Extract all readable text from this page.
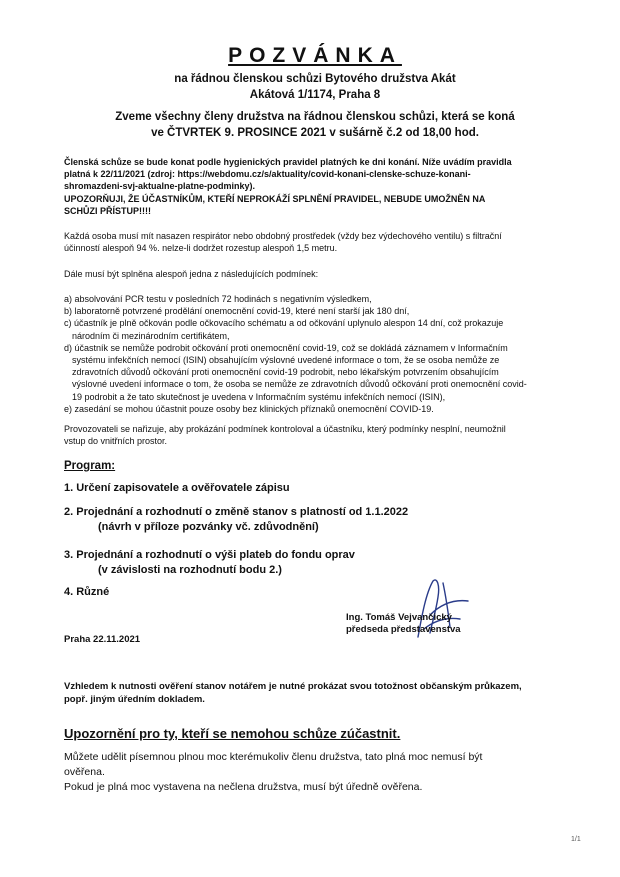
POZVÁNKA
na řádnou členskou schůzi Bytového družstva Akát
Akátová 1/1174, Praha 8
Zveme všechny členy družstva na řádnou členskou schůzi, která se koná
ve ČTVRTEK 9. PROSINCE 2021 v sušárně č.2 od 18,00 hod.
Členská schůze se bude konat podle hygienických pravidel platných ke dni konání. Níže uvádím pravidla
platná k 22/11/2021 (zdroj: https://webdomu.cz/s/aktuality/covid-konani-clenske-schuze-konani-
shromazdeni-svj-aktualne-platne-podminky).
UPOZORŇUJI, ŽE ÚČASTNÍKŮM, KTEŘÍ NEPROKÁŽÍ SPLNĚNÍ PRAVIDEL, NEBUDE UMOŽNĚN NA
SCHŮZI PŘÍSTUP!!!!
Každá osoba musí mít nasazen respirátor nebo obdobný prostředek (vždy bez výdechového ventilu) s filtrační
účinností alespoň 94 %. nelze-li dodržet rozestup alespoň 1,5 metru.
Dále musí být splněna alespoň jedna z následujících podmínek:
a) absolvování PCR testu v posledních 72 hodinách s negativním výsledkem,
b) laboratorně potvrzené prodělání onemocnění covid-19, které není starší jak 180 dní,
c) účastník je plně očkován podle očkovacího schématu a od očkování uplynulo alespon 14 dní, což prokazuje
národním či mezinárodním certifikátem,
d) účastník se nemůže podrobit očkování proti onemocnění covid-19, což se dokládá záznamem v Informačním
systému infekčních nemocí (ISIN) obsahujícím výslovné uvedené informace o tom, že se osoba nemůže ze
zdravotních důvodů očkování proti onemocnění covid-19 podrobit, nebo lékařským potvrzením obsahujícím
výslovné uvedení informace o tom, že osoba se nemůže ze zdravotních důvodů očkování proti onemocnění covid-
19 podrobit a že tato skutečnost je uvedena v Informačním systému infekčních nemocí (ISIN),
e) zasedání se mohou účastnit pouze osoby bez klinických příznaků onemocnění COVID-19.
Provozovateli se nařizuje, aby prokázání podmínek kontroloval a účastníku, který podmínky nesplní, neumožnil
vstup do vnitřních prostor.
Program:
1. Určení zapisovatele a ověřovatele zápisu
2. Projednání a rozhodnutí o změně stanov s platností od 1.1.2022
(návrh v příloze pozvánky vč. zdůvodnění)
3. Projednání a rozhodnutí o výši plateb do fondu oprav
(v závislosti na rozhodnutí bodu 2.)
4. Různé
Ing. Tomáš Vejvančický
předseda představenstva
Praha 22.11.2021
Vzhledem k nutnosti ověření stanov notářem je nutné prokázat svou totožnost občanským průkazem,
popř. jiným úředním dokladem.
Upozornění pro ty, kteří se nemohou schůze zúčastnit.
Můžete udělit písemnou plnou moc kterémukoliv členu družstva, tato plná moc nemusí být
ověřena.
Pokud je plná moc vystavena na nečlena družstva, musí být úředně ověřena.
1/1
